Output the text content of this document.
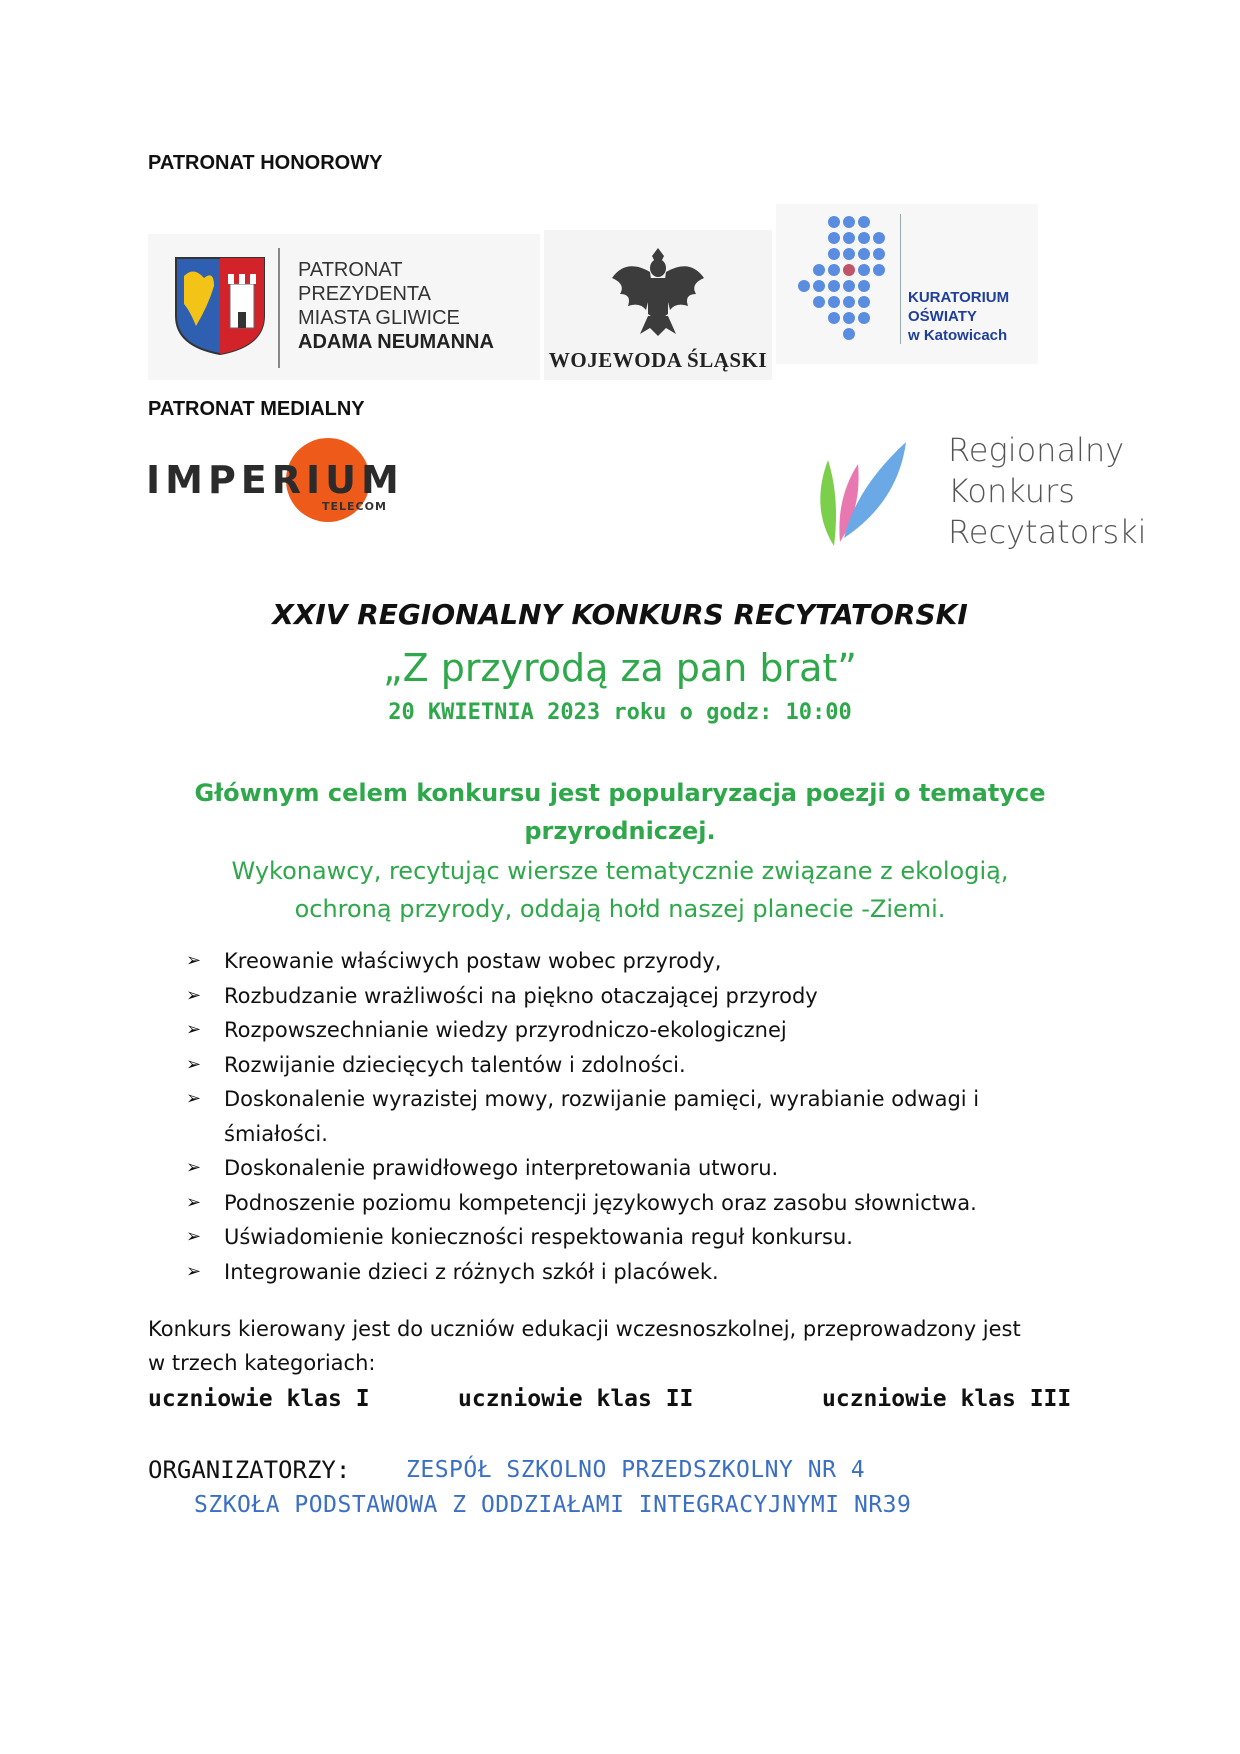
PATRONAT HONOROWY
PATRONAT
PREZYDENTA
MIASTA GLIWICE
ADAMA NEUMANNA
WOJEWODA ŚLĄSKI
KURATORIUM
OŚWIATY
w Katowicach
PATRONAT MEDIALNY
IMPERIUM
TELECOM
Regionalny
Konkurs
Recytatorski
XXIV REGIONALNY KONKURS RECYTATORSKI
„Z przyrodą za pan brat”
20 KWIETNIA 2023 roku o godz: 10:00
Głównym celem konkursu jest popularyzacja poezji o tematyce
przyrodniczej.
Wykonawcy, recytując wiersze tematycznie związane z ekologią,
ochroną przyrody, oddają hołd naszej planecie -Ziemi.
➢ Kreowanie właściwych postaw wobec przyrody,
➢ Rozbudzanie wrażliwości na piękno otaczającej przyrody
➢ Rozpowszechnianie wiedzy przyrodniczo-ekologicznej
➢ Rozwijanie dziecięcych talentów i zdolności.
➢ Doskonalenie wyrazistej mowy, rozwijanie pamięci, wyrabianie odwagi i śmiałości.
➢ Doskonalenie prawidłowego interpretowania utworu.
➢ Podnoszenie poziomu kompetencji językowych oraz zasobu słownictwa.
➢ Uświadomienie konieczności respektowania reguł konkursu.
➢ Integrowanie dzieci z różnych szkół i placówek.
Konkurs kierowany jest do uczniów edukacji wczesnoszkolnej, przeprowadzony jest
w trzech kategoriach:
uczniowie klas I	uczniowie klas II	uczniowie klas III
ORGANIZATORZY: ZESPÓŁ SZKOLNO PRZEDSZKOLNY NR 4
SZKOŁA PODSTAWOWA Z ODDZIAŁAMI INTEGRACYJNYMI NR39
